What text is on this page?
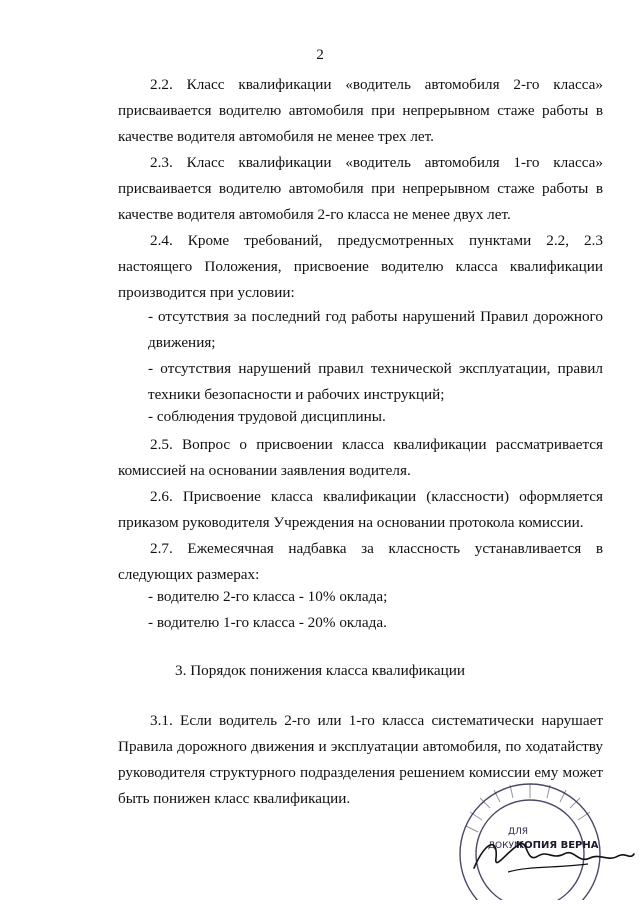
2

2.2. Класс квалификации «водитель автомобиля 2-го класса» присваивается водителю автомобиля при непрерывном стаже работы в качестве водителя автомобиля не менее трех лет.

2.3. Класс квалификации «водитель автомобиля 1-го класса» присваивается водителю автомобиля при непрерывном стаже работы в качестве водителя автомобиля 2-го класса не менее двух лет.

2.4. Кроме требований, предусмотренных пунктами 2.2, 2.3 настоящего Положения, присвоение водителю класса квалификации производится при условии:

- отсутствия за последний год работы нарушений Правил дорожного движения;

- отсутствия нарушений правил технической эксплуатации, правил техники безопасности и рабочих инструкций;

- соблюдения трудовой дисциплины.

2.5. Вопрос о присвоении класса квалификации рассматривается комиссией на основании заявления водителя.

2.6. Присвоение класса квалификации (классности) оформляется приказом руководителя Учреждения на основании протокола комиссии.

2.7. Ежемесячная надбавка за классность устанавливается в следующих размерах:

- водителю 2-го класса - 10% оклада;

- водителю 1-го класса - 20% оклада.

3. Порядок понижения класса квалификации

3.1. Если водитель 2-го или 1-го класса систематически нарушает Правила дорожного движения и эксплуатации автомобиля, по ходатайству руководителя структурного подразделения решением комиссии ему может быть понижен класс квалификации.

ДЛЯ
ДОКУМ
КОПИЯ ВЕРНА
